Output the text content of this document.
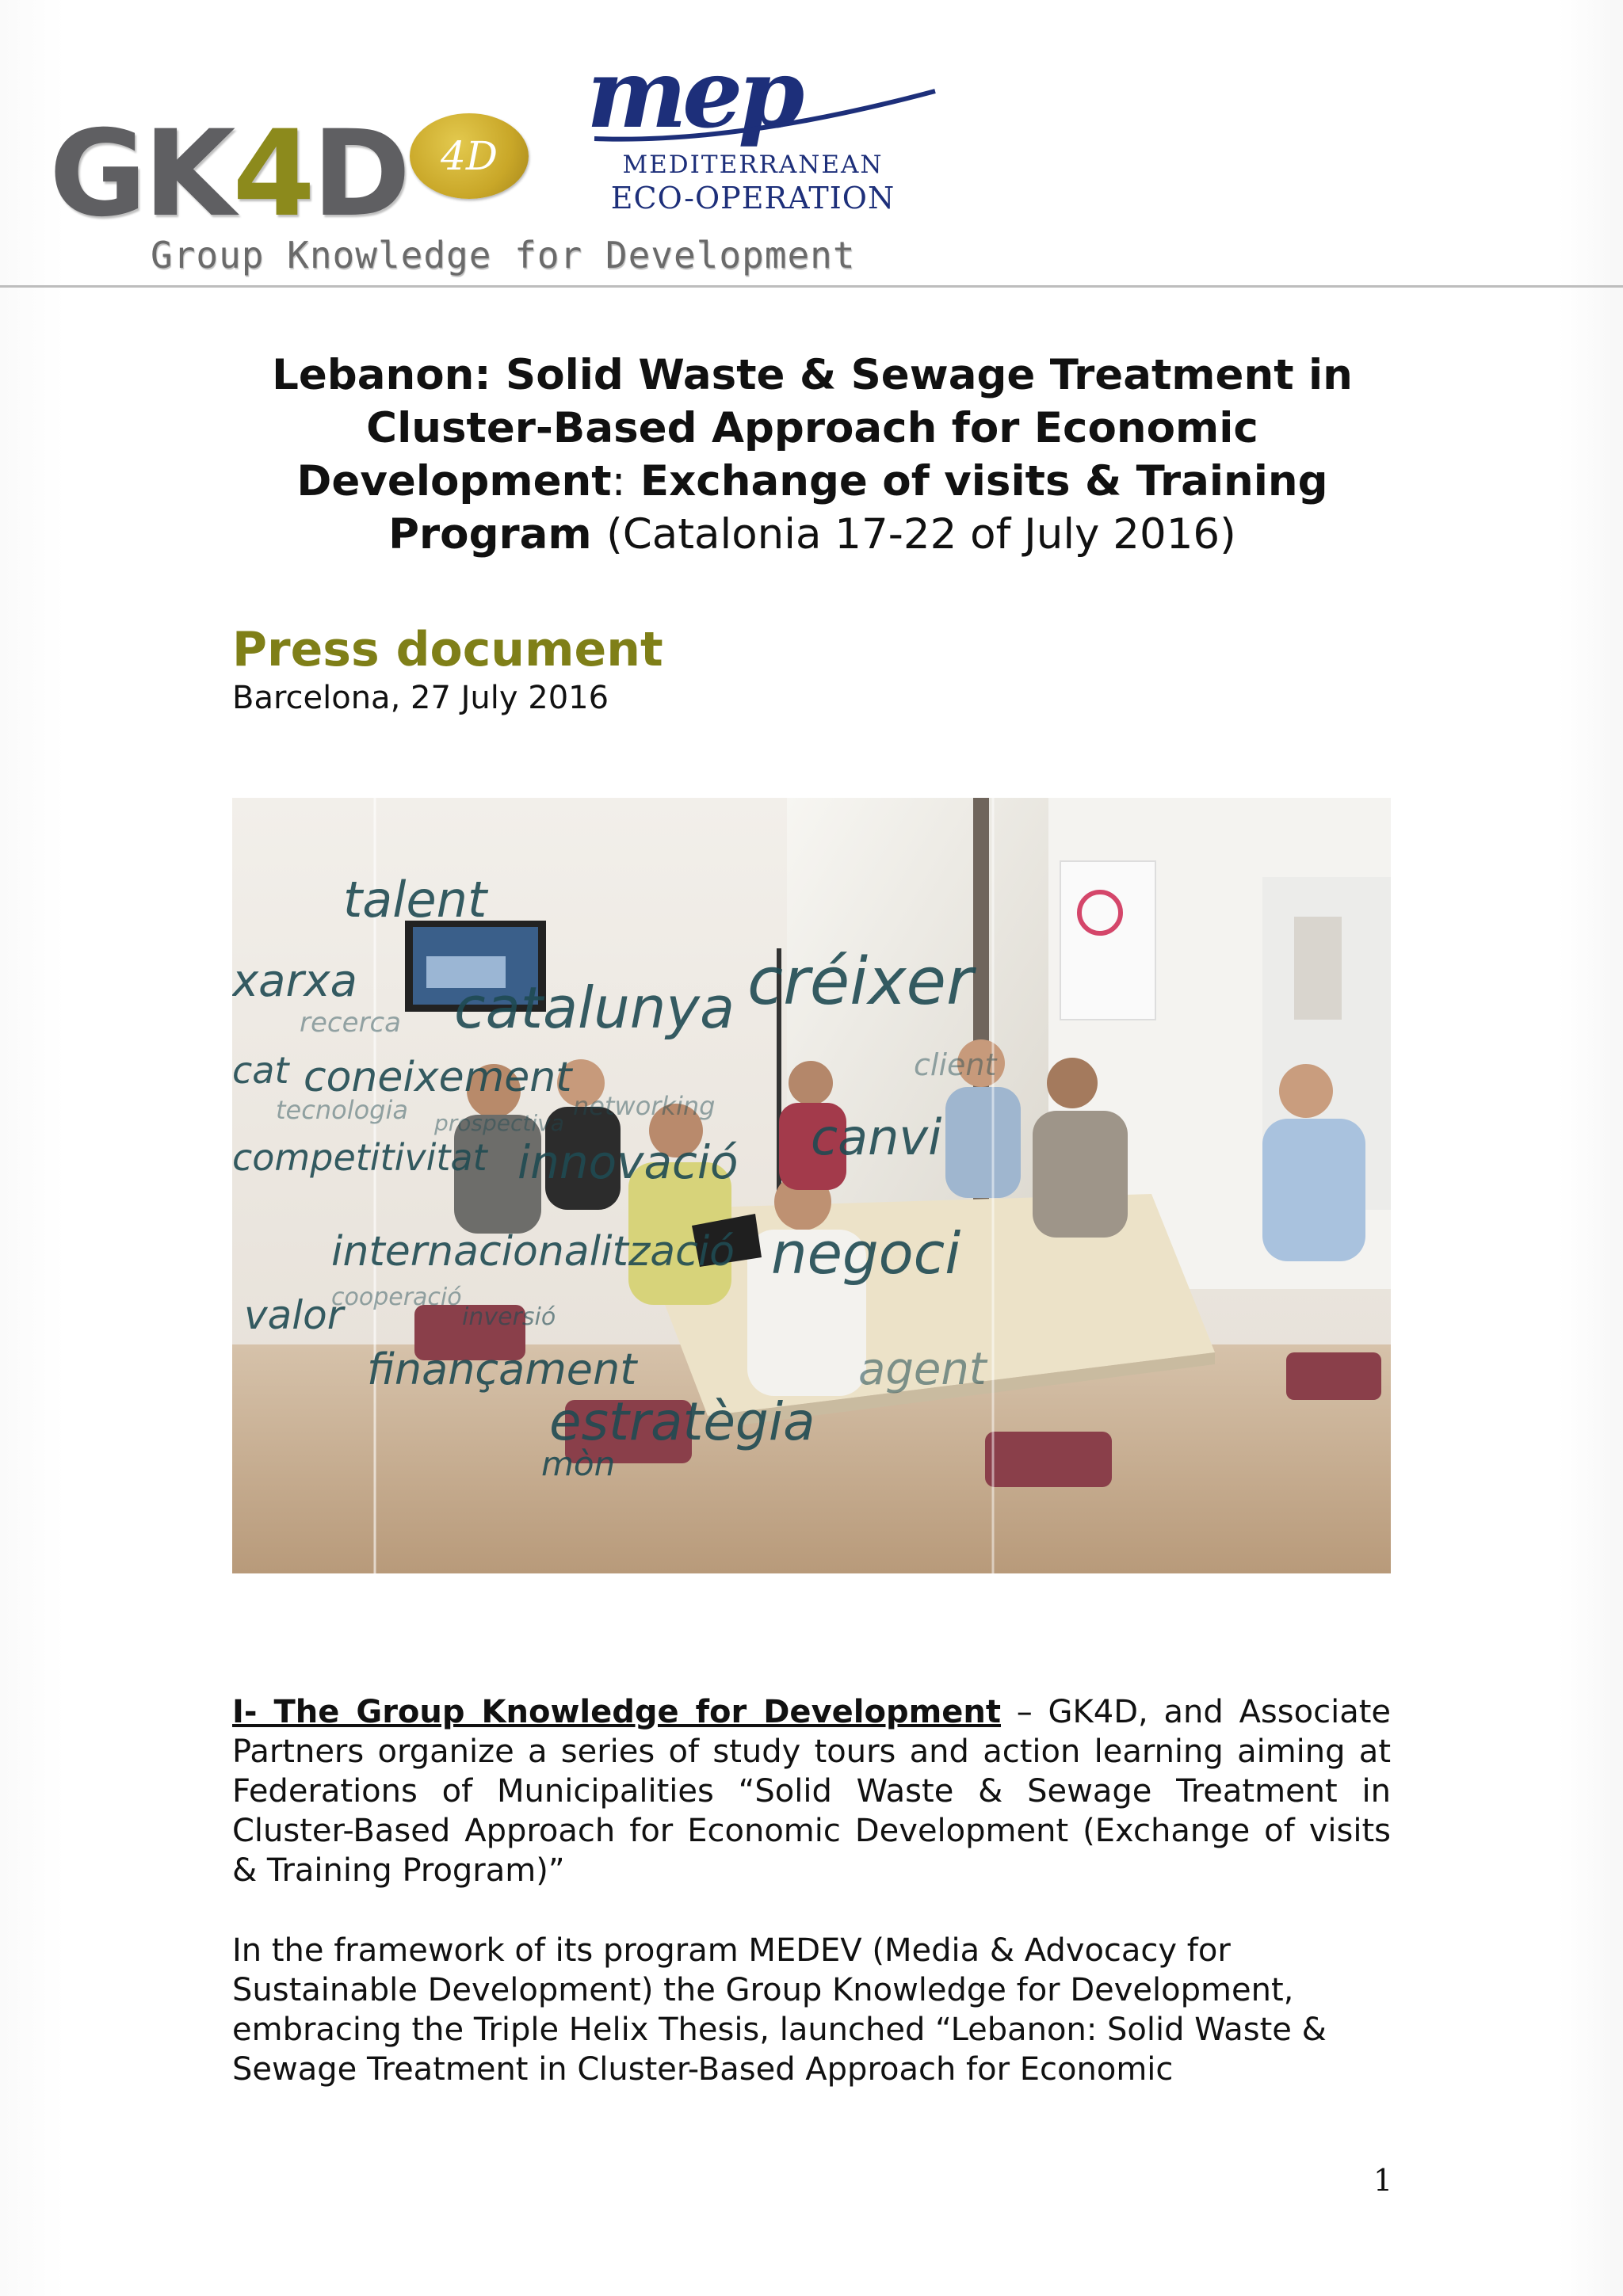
GK4D 4D
Group Knowledge for Development
mep
MEDITERRANEAN
ECO-OPERATION
Lebanon: Solid Waste & Sewage Treatment in
Cluster-Based Approach for Economic
Development: Exchange of visits & Training
Program (Catalonia 17-22 of July 2016)
Press document
Barcelona, 27 July 2016
talent
catalunya créixer
coneixement
xarxa
recerca
tecnologia prospectiva
networking
competitivitat innovació canvi
client
internacionalització negoci
cooperació
inversió
valor
finançament
estratègia
agent
mòn
cat
I- The Group Knowledge for Development – GK4D, and Associate Partners organize a series of study tours and action learning aiming at Federations of Municipalities “Solid Waste & Sewage Treatment in Cluster-Based Approach for Economic Development (Exchange of visits & Training Program)”
In the framework of its program MEDEV (Media & Advocacy for Sustainable Development) the Group Knowledge for Development, embracing the Triple Helix Thesis, launched “Lebanon: Solid Waste & Sewage Treatment in Cluster-Based Approach for Economic
1
